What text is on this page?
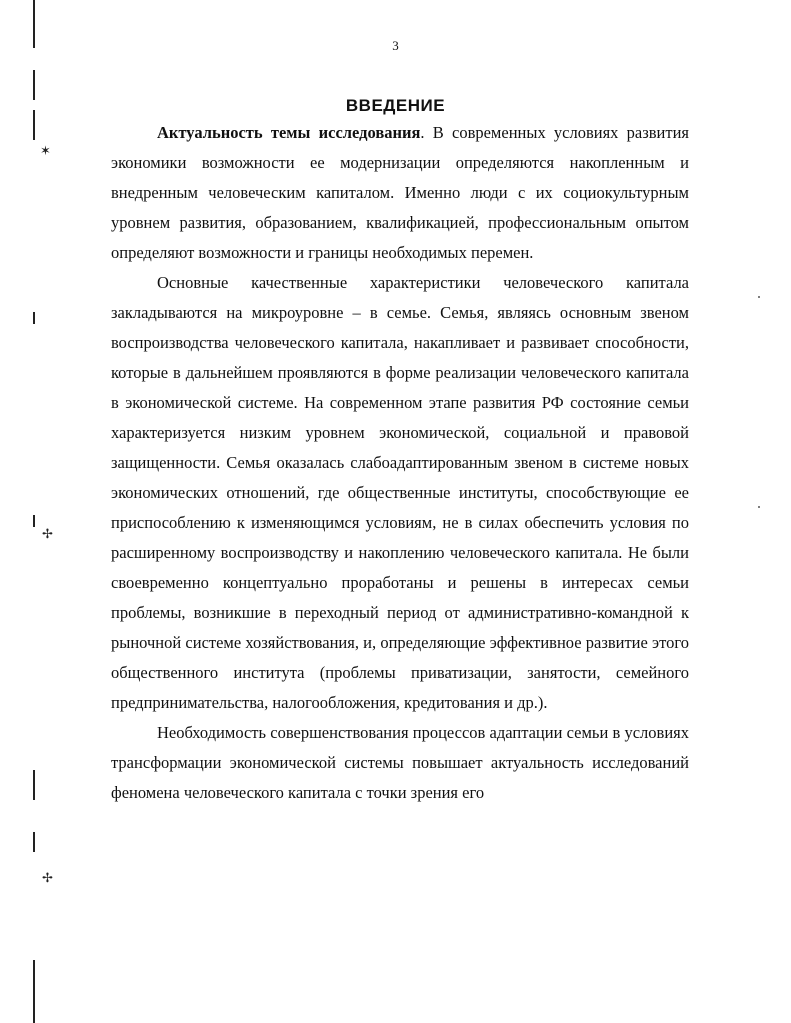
✶
✢
✢
3
ВВЕДЕНИЕ

Актуальность темы исследования. В современных условиях развития экономики возможности ее модернизации определяются накопленным и внедренным человеческим капиталом. Именно люди с их социокультурным уровнем развития, образованием, квалификацией, профессиональным опытом определяют возможности и границы необходимых перемен.

Основные качественные характеристики человеческого капитала закладываются на микроуровне – в семье. Семья, являясь основным звеном воспроизводства человеческого капитала, накапливает и развивает способности, которые в дальнейшем проявляются в форме реализации человеческого капитала в экономической системе. На современном этапе развития РФ состояние семьи характеризуется низким уровнем экономической, социальной и правовой защищенности. Семья оказалась слабоадаптированным звеном в системе новых экономических отношений, где общественные институты, способствующие ее приспособлению к изменяющимся условиям, не в силах обеспечить условия по расширенному воспроизводству и накоплению человеческого капитала. Не были своевременно концептуально проработаны и решены в интересах семьи проблемы, возникшие в переходный период от административно-командной к рыночной системе хозяйствования, и, определяющие эффективное развитие этого общественного института (проблемы приватизации, занятости, семейного предпринимательства, налогообложения, кредитования и др.).

Необходимость совершенствования процессов адаптации семьи в условиях трансформации экономической системы повышает актуальность исследований феномена человеческого капитала с точки зрения его
